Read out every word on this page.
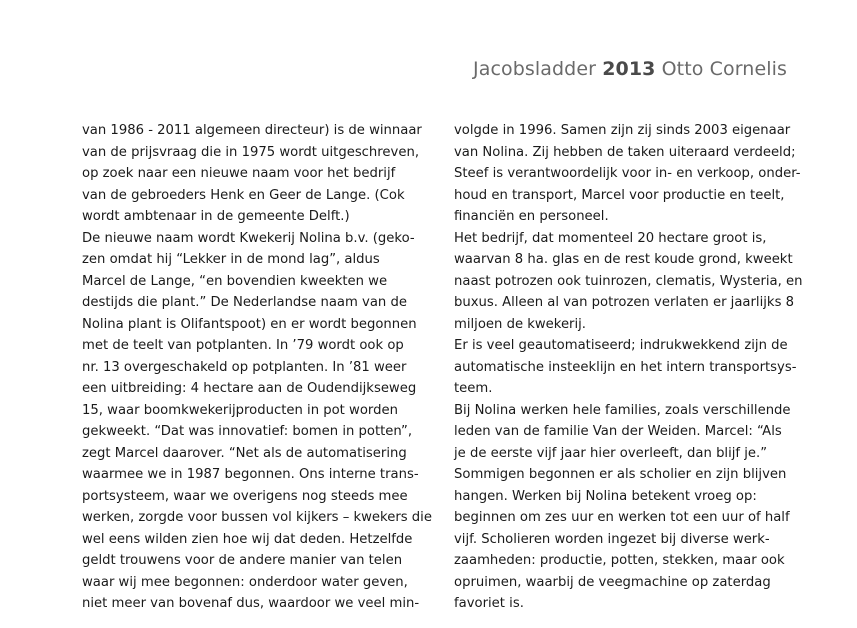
Jacobsladder 2013 Otto Cornelis
van 1986 - 2011 algemeen directeur) is de winnaar
van de prijsvraag die in 1975 wordt uitgeschreven,
op zoek naar een nieuwe naam voor het bedrijf
van de gebroeders Henk en Geer de Lange. (Cok
wordt ambtenaar in de gemeente Delft.)
De nieuwe naam wordt Kwekerij Nolina b.v. (geko-
zen omdat hij “Lekker in de mond lag”, aldus
Marcel de Lange, “en bovendien kweekten we
destijds die plant.” De Nederlandse naam van de
Nolina plant is Olifantspoot) en er wordt begonnen
met de teelt van potplanten. In ’79 wordt ook op
nr. 13 overgeschakeld op potplanten. In ’81 weer
een uitbreiding: 4 hectare aan de Oudendijkseweg
15, waar boomkwekerijproducten in pot worden
gekweekt. “Dat was innovatief: bomen in potten”,
zegt Marcel daarover. “Net als de automatisering
waarmee we in 1987 begonnen. Ons interne trans-
portsysteem, waar we overigens nog steeds mee
werken, zorgde voor bussen vol kijkers – kwekers die
wel eens wilden zien hoe wij dat deden. Hetzelfde
geldt trouwens voor de andere manier van telen
waar wij mee begonnen: onderdoor water geven,
niet meer van bovenaf dus, waardoor we veel min-
volgde in 1996. Samen zijn zij sinds 2003 eigenaar
van Nolina. Zij hebben de taken uiteraard verdeeld;
Steef is verantwoordelijk voor in- en verkoop, onder-
houd en transport, Marcel voor productie en teelt,
financiën en personeel.
Het bedrijf, dat momenteel 20 hectare groot is,
waarvan 8 ha. glas en de rest koude grond, kweekt
naast potrozen ook tuinrozen, clematis, Wysteria, en
buxus. Alleen al van potrozen verlaten er jaarlijks 8
miljoen de kwekerij.
Er is veel geautomatiseerd; indrukwekkend zijn de
automatische insteeklijn en het intern transportsys-
teem.
Bij Nolina werken hele families, zoals verschillende
leden van de familie Van der Weiden. Marcel: “Als
je de eerste vijf jaar hier overleeft, dan blijf je.”
Sommigen begonnen er als scholier en zijn blijven
hangen. Werken bij Nolina betekent vroeg op:
beginnen om zes uur en werken tot een uur of half
vijf. Scholieren worden ingezet bij diverse werk-
zaamheden: productie, potten, stekken, maar ook
opruimen, waarbij de veegmachine op zaterdag
favoriet is.
